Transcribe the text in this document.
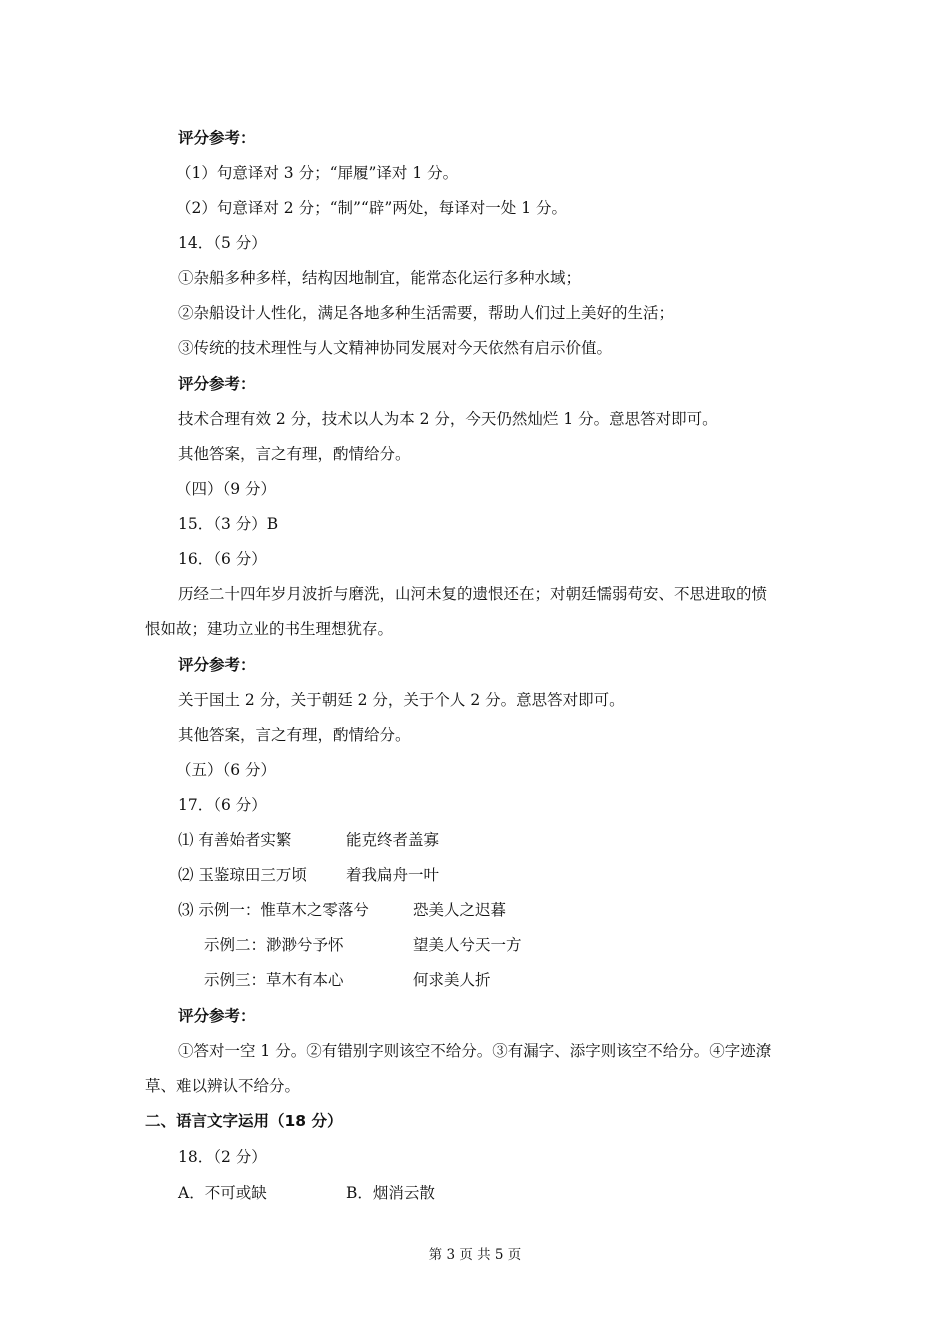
评分参考：
（1）句意译对 3 分；“屝履”译对 1 分。
（2）句意译对 2 分；“制”“辟”两处，每译对一处 1 分。
14．（5 分）
①杂船多种多样，结构因地制宜，能常态化运行多种水域；
②杂船设计人性化，满足各地多种生活需要，帮助人们过上美好的生活；
③传统的技术理性与人文精神协同发展对今天依然有启示价值。
评分参考：
技术合理有效 2 分，技术以人为本 2 分，今天仍然灿烂 1 分。意思答对即可。
其他答案，言之有理，酌情给分。
（四）（9 分）
15．（3 分）B
16．（6 分）
历经二十四年岁月波折与磨洗，山河未复的遗恨还在；对朝廷懦弱苟安、不思进取的愤
恨如故；建功立业的书生理想犹存。
评分参考：
关于国土 2 分，关于朝廷 2 分，关于个人 2 分。意思答对即可。
其他答案，言之有理，酌情给分。
（五）（6 分）
17．（6 分）
⑴ 有善始者实繁	能克终者盖寡
⑵ 玉鉴琼田三万顷	着我扁舟一叶
⑶ 示例一：惟草木之零落兮	恐美人之迟暮
示例二：渺渺兮予怀	望美人兮天一方
示例三：草木有本心	何求美人折
评分参考：
①答对一空 1 分。②有错别字则该空不给分。③有漏字、添字则该空不给分。④字迹潦
草、难以辨认不给分。
二、语言文字运用（18 分）
18．（2 分）
A．不可或缺	B．烟消云散
第 3 页 共 5 页
